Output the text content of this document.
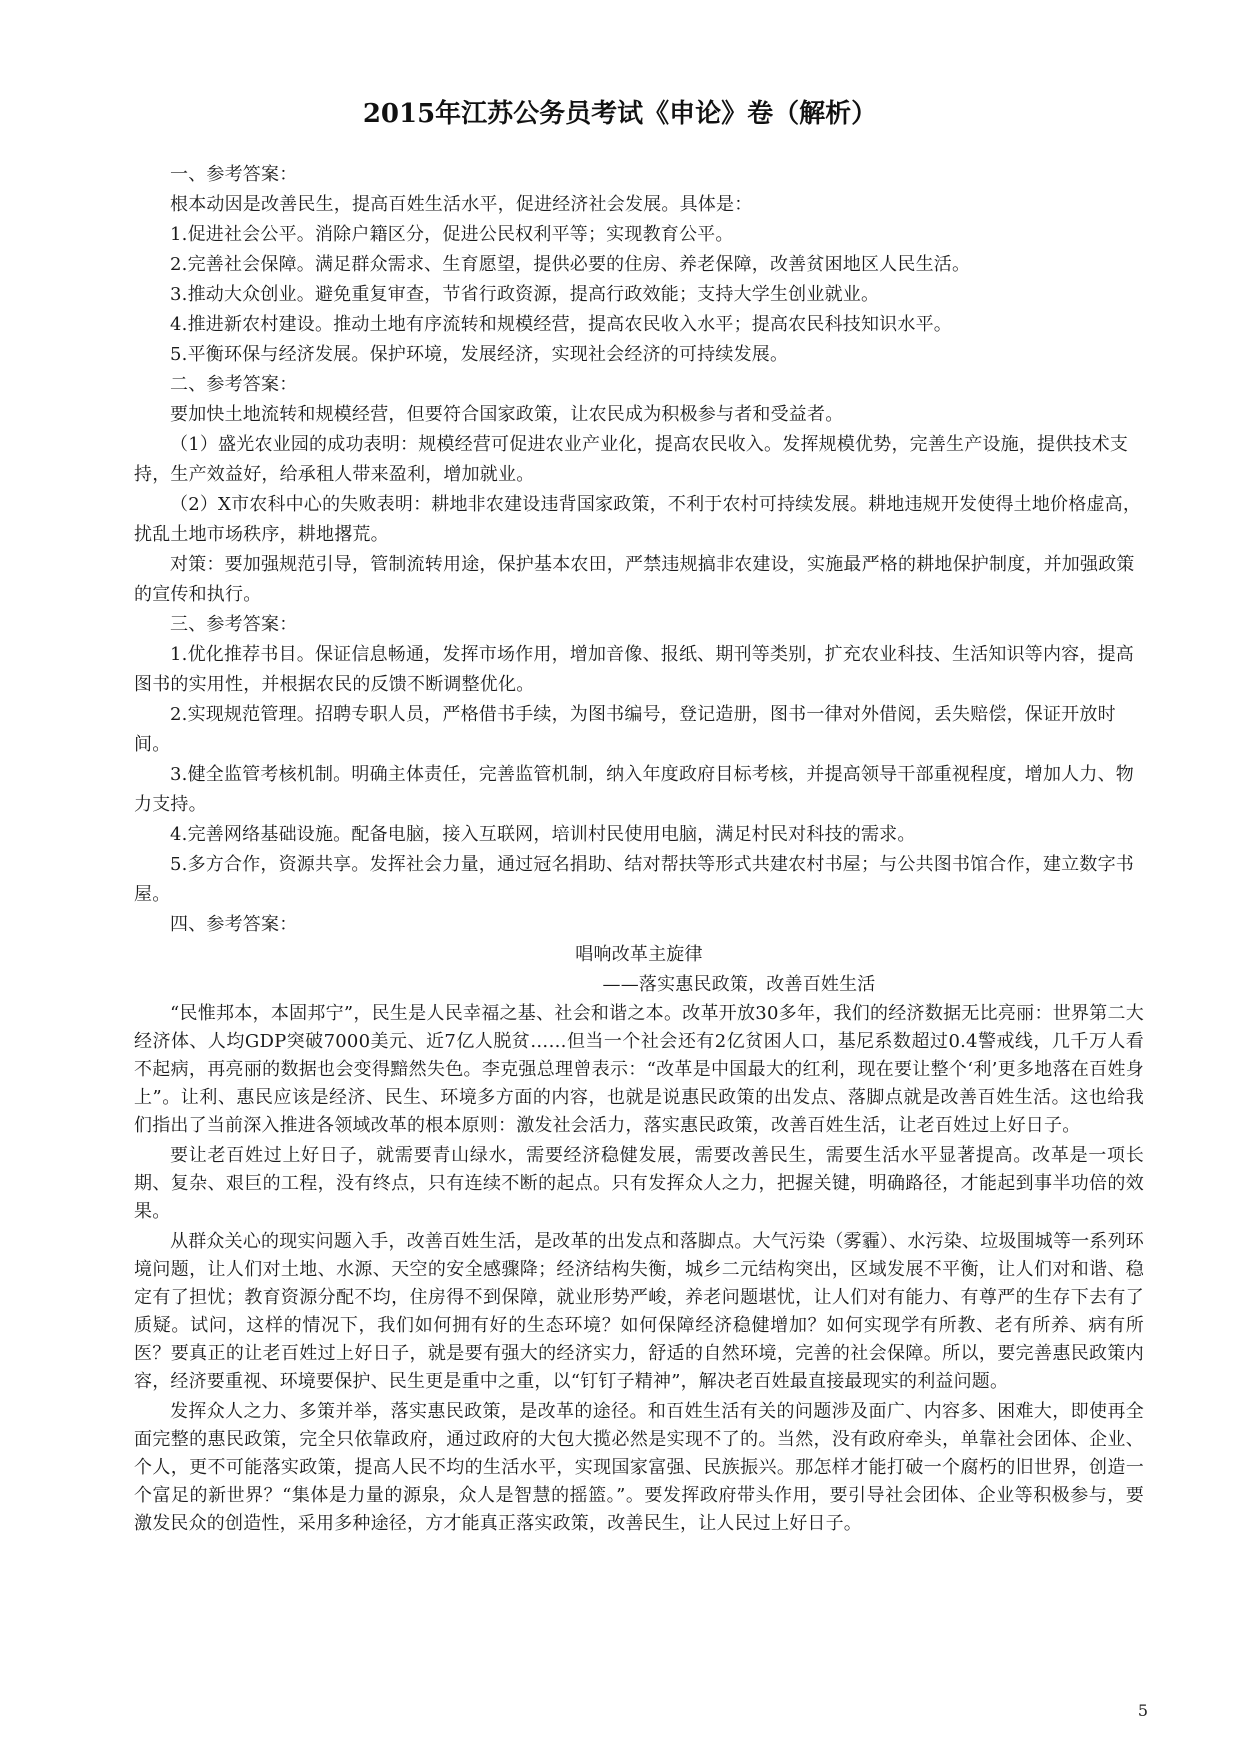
2015年江苏公务员考试《申论》卷（解析）

一、参考答案：

根本动因是改善民生，提高百姓生活水平，促进经济社会发展。具体是：

1.促进社会公平。消除户籍区分，促进公民权利平等；实现教育公平。

2.完善社会保障。满足群众需求、生育愿望，提供必要的住房、养老保障，改善贫困地区人民生活。

3.推动大众创业。避免重复审查，节省行政资源，提高行政效能；支持大学生创业就业。

4.推进新农村建设。推动土地有序流转和规模经营，提高农民收入水平；提高农民科技知识水平。

5.平衡环保与经济发展。保护环境，发展经济，实现社会经济的可持续发展。

二、参考答案：

要加快土地流转和规模经营，但要符合国家政策，让农民成为积极参与者和受益者。

（1）盛光农业园的成功表明：规模经营可促进农业产业化，提高农民收入。发挥规模优势，完善生产设施，提供技术支持，生产效益好，给承租人带来盈利，增加就业。

（2）X市农科中心的失败表明：耕地非农建设违背国家政策，不利于农村可持续发展。耕地违规开发使得土地价格虚高，扰乱土地市场秩序，耕地撂荒。

对策：要加强规范引导，管制流转用途，保护基本农田，严禁违规搞非农建设，实施最严格的耕地保护制度，并加强政策的宣传和执行。

三、参考答案：

1.优化推荐书目。保证信息畅通，发挥市场作用，增加音像、报纸、期刊等类别，扩充农业科技、生活知识等内容，提高图书的实用性，并根据农民的反馈不断调整优化。

2.实现规范管理。招聘专职人员，严格借书手续，为图书编号，登记造册，图书一律对外借阅，丢失赔偿，保证开放时间。

3.健全监管考核机制。明确主体责任，完善监管机制，纳入年度政府目标考核，并提高领导干部重视程度，增加人力、物力支持。

4.完善网络基础设施。配备电脑，接入互联网，培训村民使用电脑，满足村民对科技的需求。

5.多方合作，资源共享。发挥社会力量，通过冠名捐助、结对帮扶等形式共建农村书屋；与公共图书馆合作，建立数字书屋。

四、参考答案：

唱响改革主旋律

——落实惠民政策，改善百姓生活

“民惟邦本，本固邦宁”，民生是人民幸福之基、社会和谐之本。改革开放30多年，我们的经济数据无比亮丽：世界第二大经济体、人均GDP突破7000美元、近7亿人脱贫……但当一个社会还有2亿贫困人口，基尼系数超过0.4警戒线，几千万人看不起病，再亮丽的数据也会变得黯然失色。李克强总理曾表示：“改革是中国最大的红利，现在要让整个‘利’更多地落在百姓身上”。让利、惠民应该是经济、民生、环境多方面的内容，也就是说惠民政策的出发点、落脚点就是改善百姓生活。这也给我们指出了当前深入推进各领域改革的根本原则：激发社会活力，落实惠民政策，改善百姓生活，让老百姓过上好日子。

要让老百姓过上好日子，就需要青山绿水，需要经济稳健发展，需要改善民生，需要生活水平显著提高。改革是一项长期、复杂、艰巨的工程，没有终点，只有连续不断的起点。只有发挥众人之力，把握关键，明确路径，才能起到事半功倍的效果。

从群众关心的现实问题入手，改善百姓生活，是改革的出发点和落脚点。大气污染（雾霾）、水污染、垃圾围城等一系列环境问题，让人们对土地、水源、天空的安全感骤降；经济结构失衡，城乡二元结构突出，区域发展不平衡，让人们对和谐、稳定有了担忧；教育资源分配不均，住房得不到保障，就业形势严峻，养老问题堪忧，让人们对有能力、有尊严的生存下去有了质疑。试问，这样的情况下，我们如何拥有好的生态环境？如何保障经济稳健增加？如何实现学有所教、老有所养、病有所医？要真正的让老百姓过上好日子，就是要有强大的经济实力，舒适的自然环境，完善的社会保障。所以，要完善惠民政策内容，经济要重视、环境要保护、民生更是重中之重，以“钉钉子精神”，解决老百姓最直接最现实的利益问题。

发挥众人之力、多策并举，落实惠民政策，是改革的途径。和百姓生活有关的问题涉及面广、内容多、困难大，即使再全面完整的惠民政策，完全只依靠政府，通过政府的大包大揽必然是实现不了的。当然，没有政府牵头，单靠社会团体、企业、个人，更不可能落实政策，提高人民不均的生活水平，实现国家富强、民族振兴。那怎样才能打破一个腐朽的旧世界，创造一个富足的新世界？“集体是力量的源泉，众人是智慧的摇篮。”。要发挥政府带头作用，要引导社会团体、企业等积极参与，要激发民众的创造性，采用多种途径，方才能真正落实政策，改善民生，让人民过上好日子。

5
